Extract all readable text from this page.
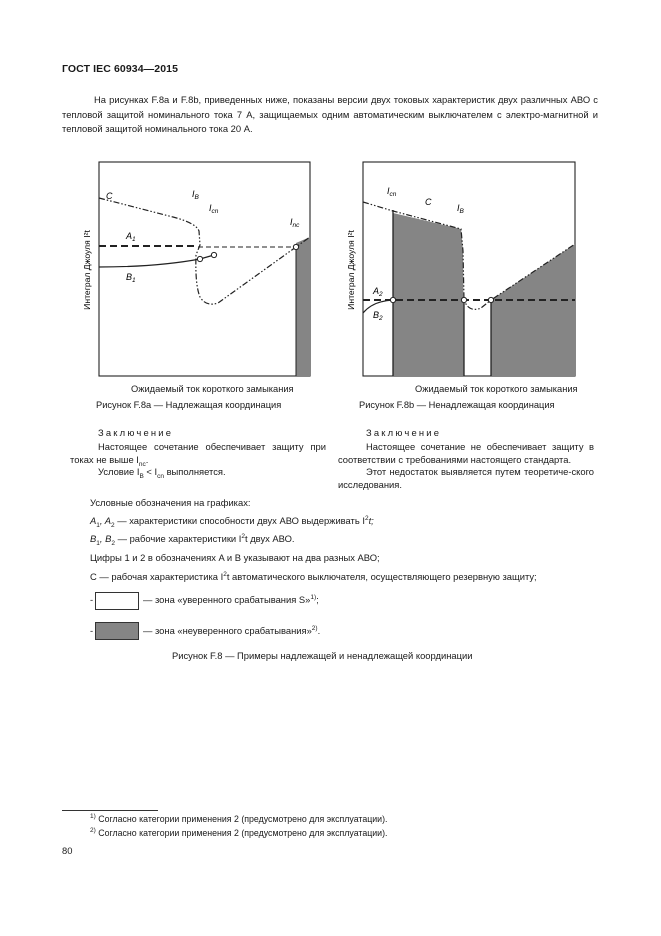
ГОСТ IEC 60934—2015
На рисунках F.8a и F.8b, приведенных ниже, показаны версии двух токовых характеристик двух различных АВО с тепловой защитой номинального тока 7 А, защищаемых одним автоматическим выключателем с электро-магнитной и тепловой защитой номинального тока 20 А.
C	$I_B$
$I_{cn}$
$I_{nc}$
$A_1$
$B_1$
Интеграл Джоуля I²t
Ожидаемый ток короткого замыкания
Рисунок F.8a — Надлежащая координация
$I_{cn}$
C
$I_B$
$A_2$
$B_2$
Интеграл Джоуля I²t
Ожидаемый ток короткого замыкания
Рисунок F.8b — Ненадлежащая координация
Заключение
Настоящее сочетание обеспечивает защиту при токах не выше $I_{nc}$.
Условие $I_B < I_{cn}$ выполняется.
Заключение
Настоящее сочетание не обеспечивает защиту в соответствии с требованиями настоящего стандарта.
Этот недостаток выявляется путем теоретиче-ского исследования.
Условные обозначения на графиках:
$A_1$, $A_2$ — характеристики способности двух АВО выдерживать $I^2t$;
$B_1$, $B_2$ — рабочие характеристики $I^2t$ двух АВО.
Цифры 1 и 2 в обозначениях A и B указывают на два разных АВО;
C — рабочая характеристика $I^2t$ автоматического выключателя, осуществляющего резервную защиту;
-	— зона «уверенного срабатывания S»$^{1)}$;
-	— зона «неуверенного срабатывания»$^{2)}$.
Рисунок F.8 — Примеры надлежащей и ненадлежащей координации
$^{1)}$ Согласно категории применения 2 (предусмотрено для эксплуатации).
$^{2)}$ Согласно категории применения 2 (предусмотрено для эксплуатации).
80
